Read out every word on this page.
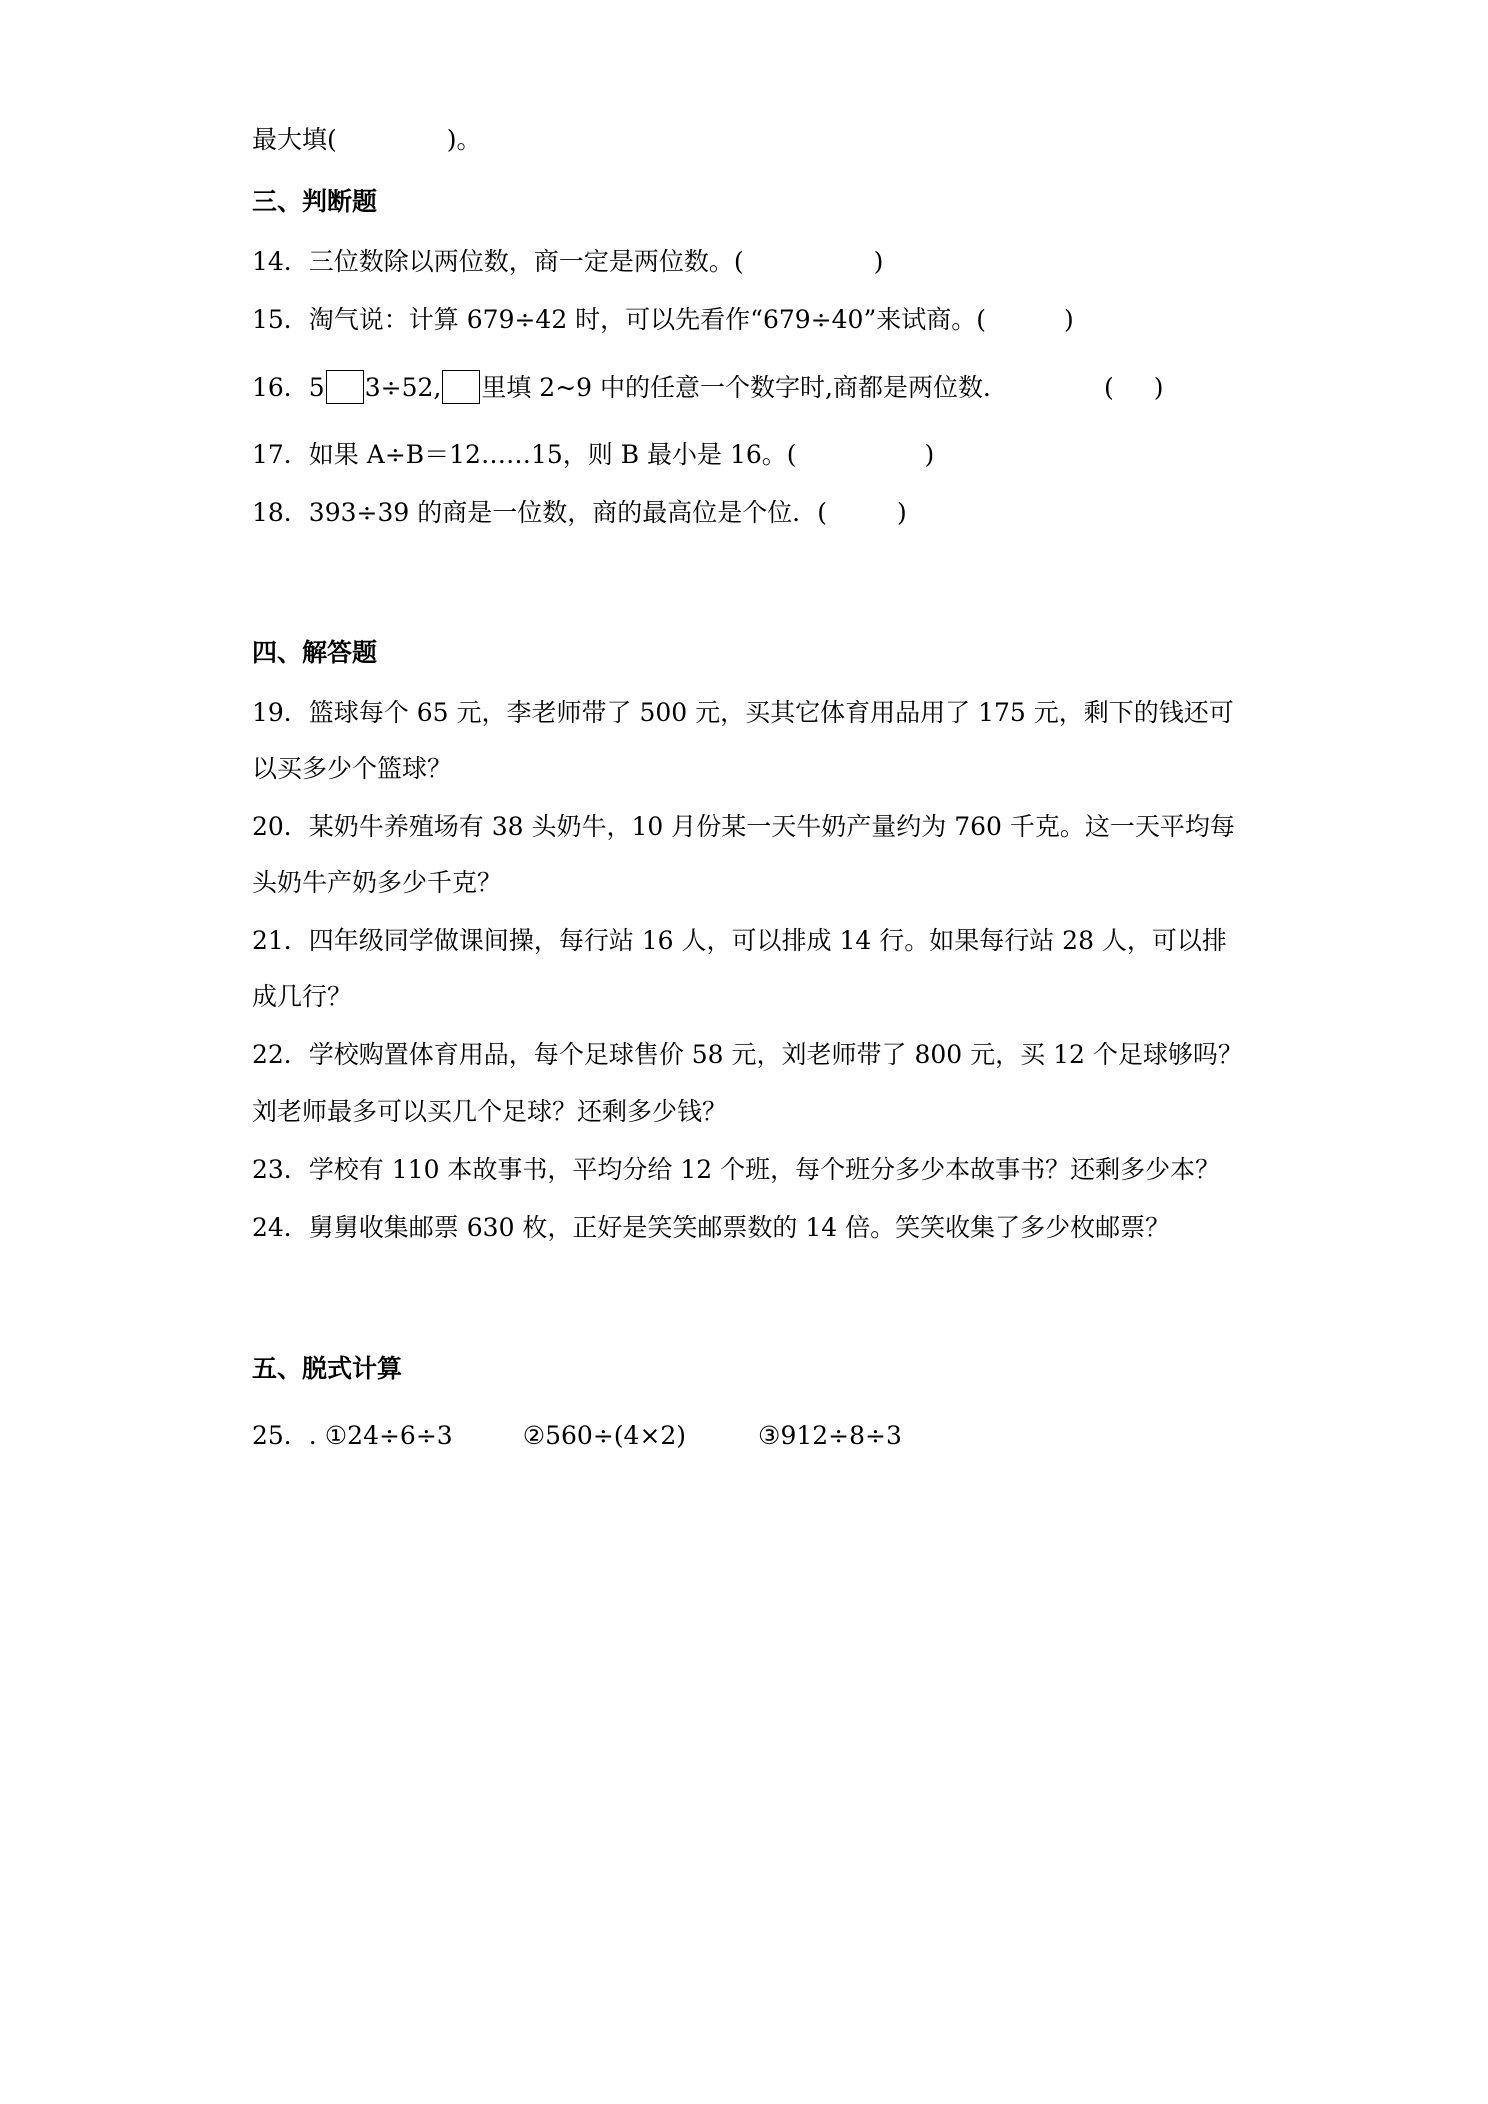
最大填(	)。
三、判断题
14．三位数除以两位数，商一定是两位数。(	)
15．淘气说：计算 679÷42 时，可以先看作“679÷40”来试商。(	)
16．5 3÷52, 里填 2~9 中的任意一个数字时,商都是两位数．	( )
17．如果 A÷B＝12……15，则 B 最小是 16。(	)
18．393÷39 的商是一位数，商的最高位是个位．(	)
四、解答题
19．篮球每个 65 元，李老师带了 500 元，买其它体育用品用了 175 元，剩下的钱还可
以买多少个篮球？
20．某奶牛养殖场有 38 头奶牛，10 月份某一天牛奶产量约为 760 千克。这一天平均每
头奶牛产奶多少千克？
21．四年级同学做课间操，每行站 16 人，可以排成 14 行。如果每行站 28 人，可以排
成几行？
22．学校购置体育用品，每个足球售价 58 元，刘老师带了 800 元，买 12 个足球够吗？
刘老师最多可以买几个足球？还剩多少钱？
23．学校有 110 本故事书，平均分给 12 个班，每个班分多少本故事书？还剩多少本？
24．舅舅收集邮票 630 枚，正好是笑笑邮票数的 14 倍。笑笑收集了多少枚邮票？
五、脱式计算
25．. ①24÷6÷3	②560÷(4×2)	③912÷8÷3
